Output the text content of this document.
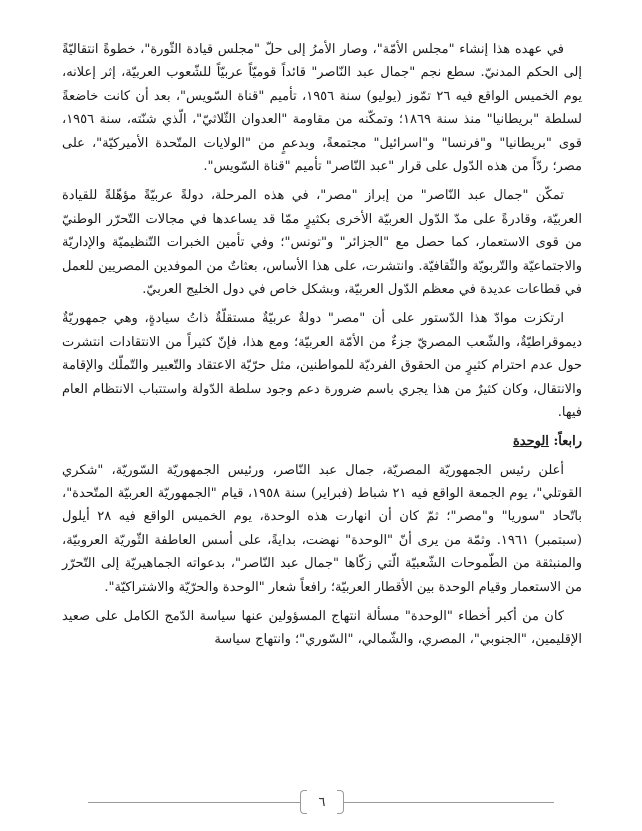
في عهده هذا إنشاء "مجلس الأمّة"، وصار الأمرُ إلى حلّ "مجلس قيادة الثّورة"، خطوةً انتقاليّةً إلى الحكم المدنيّ. سطع نجم "جمال عبد النّاصر" قائداً قوميّاً عربيّاً للشّعوب العربيّة، إثر إعلانه، يوم الخميس الواقع فيه ٢٦ تمّوز (يوليو) سنة ١٩٥٦، تأميم "قناة السّويس"، بعد أن كانت خاضعةً لسلطة "بريطانيا" منذ سنة ١٨٦٩؛ وتمكّنه من مقاومة "العدوان الثّلاثيّ"، الّذي شنّته، سنة ١٩٥٦، قوى "بريطانيا" و"فرنسا" و"اسرائيل" مجتمعةً، وبدعمٍ من "الولايات المتّحدة الأميركيّة"، على مصر؛ ردّاً من هذه الدّول على قرار "عبد النّاصر" تأميم "قناة السّويس".

تمكّن "جمال عبد النّاصر" من إبراز "مصر"، في هذه المرحلة، دولةً عربيّةً مؤهّلةً للقيادة العربيّة، وقادرةً على مدّ الدّول العربيّة الأخرى بكثيرٍ ممّا قد يساعدها في مجالات التّحرّر الوطنيّ من قوى الاستعمار، كما حصل مع "الجزائر" و"تونس"؛ وفي تأمين الخبرات التّنظيميّة والإداريّة والاجتماعيّة والتّربويّة والثّقافيّة. وانتشرت، على هذا الأساس، بعثاتٌ من الموفدين المصريين للعمل في قطاعات عديدة في معظم الدّول العربيّة، وبشكل خاص في دول الخليج العربيّ.

ارتكزت موادّ هذا الدّستور على أن "مصر" دولةٌ عربيّةٌ مستقلّةٌ ذاتُ سيادةٍ، وهي جمهوريّةٌ ديموقراطيّةٌ، والشّعب المصريّ جزءٌ من الأمّة العربيّة؛ ومع هذا، فإنّ كثيراً من الانتقادات انتشرت حول عدم احترام كثيرٍ من الحقوق الفرديّة للمواطنين، مثل حرّيّة الاعتقاد والتّعبير والتّملّك والإقامة والانتقال، وكان كثيرٌ من هذا يجري باسم ضرورة دعم وجود سلطة الدّولة واستتباب الانتظام العام فيها.

رابعاً: الوحدة

أعلن رئيس الجمهوريّة المصريّة، جمال عبد النّاصر، ورئيس الجمهوريّة السّوريّة، "شكري القوتلي"، يوم الجمعة الواقع فيه ٢١ شباط (فبراير) سنة ١٩٥٨، قيام "الجمهوريّة العربيّة المتّحدة"، باتّحاد "سوريا" و"مصر"؛ ثمّ كان أن انهارت هذه الوحدة، يوم الخميس الواقع فيه ٢٨ أيلول (سبتمبر) ١٩٦١. وثمّة من يرى أنّ "الوحدة" نهضت، بدايةً، على أسس العاطفة الثّوريّة العروبيّة، والمنبثقة من الطّموحات الشّعبيّة الّتي زكّاها "جمال عبد النّاصر"، بدعواته الجماهيريّة إلى التّحرّر من الاستعمار وقيام الوحدة بين الأقطار العربيّة؛ رافعاً شعار "الوحدة والحرّيّة والاشتراكيّة".

كان من أكبر أخطاء "الوحدة" مسألة انتهاج المسؤولين عنها سياسة الدّمج الكامل على صعيد الإقليمين، "الجنوبي"، المصري، والشّمالي، "السّوري"؛ وانتهاج سياسة

٦
